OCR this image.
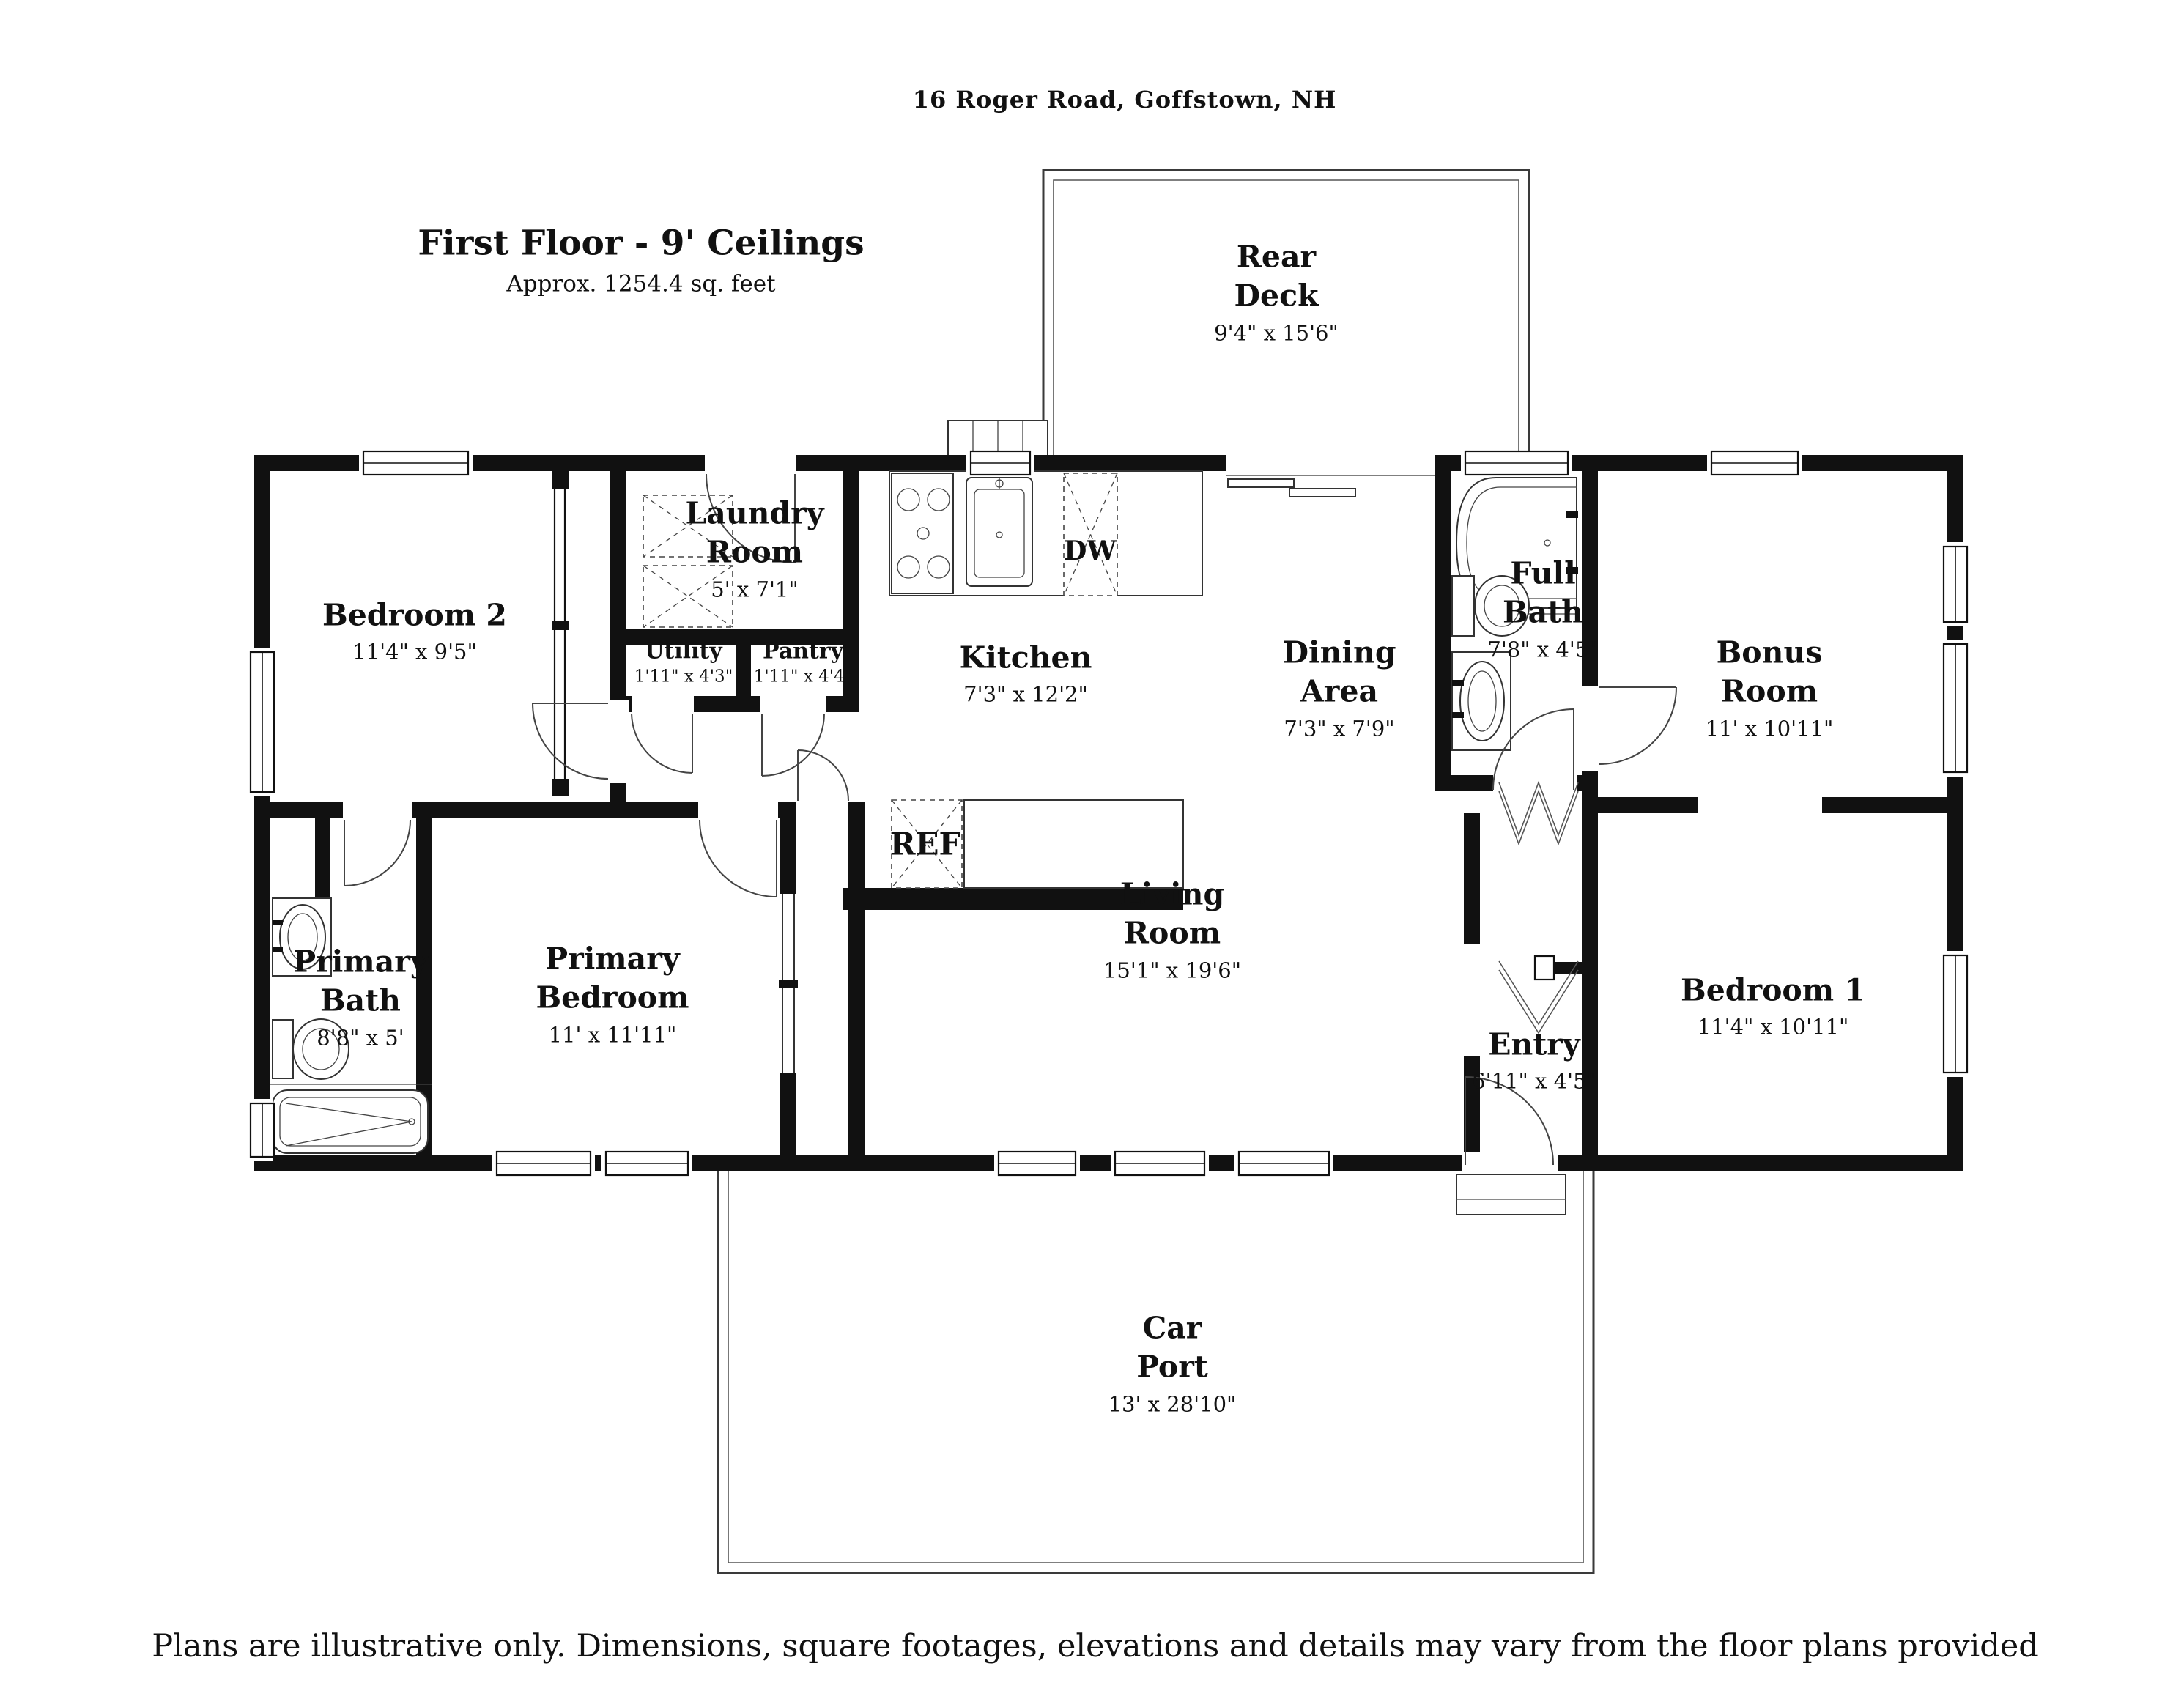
16 Roger Road, Goffstown, NH
First Floor - 9' Ceilings
Approx. 1254.4 sq. feet
Rear
Deck
9'4" x 15'6"
Laundry
Room
5' x 7'1"
Kitchen
7'3" x 12'2"
Dining
Area
7'3" x 7'9"
Full
Bath
7'8" x 4'5"	Bonus
Room
11' x 10'11"
Bedroom 2
11'4" x 9'5"	Utility
1'11" x 4'3"
Pantry
1'11" x 4'4"
Living
Room
15'1" x 19'6"
Primary
Bath
8'8" x 5'
Primary
Bedroom
11' x 11'11"	Entry
6'11" x 4'5"
Bedroom 1
11'4" x 10'11"
Car
Port
13' x 28'10"
DW
REF
Plans are illustrative only. Dimensions, square footages, elevations and details may vary from the floor plans provided
